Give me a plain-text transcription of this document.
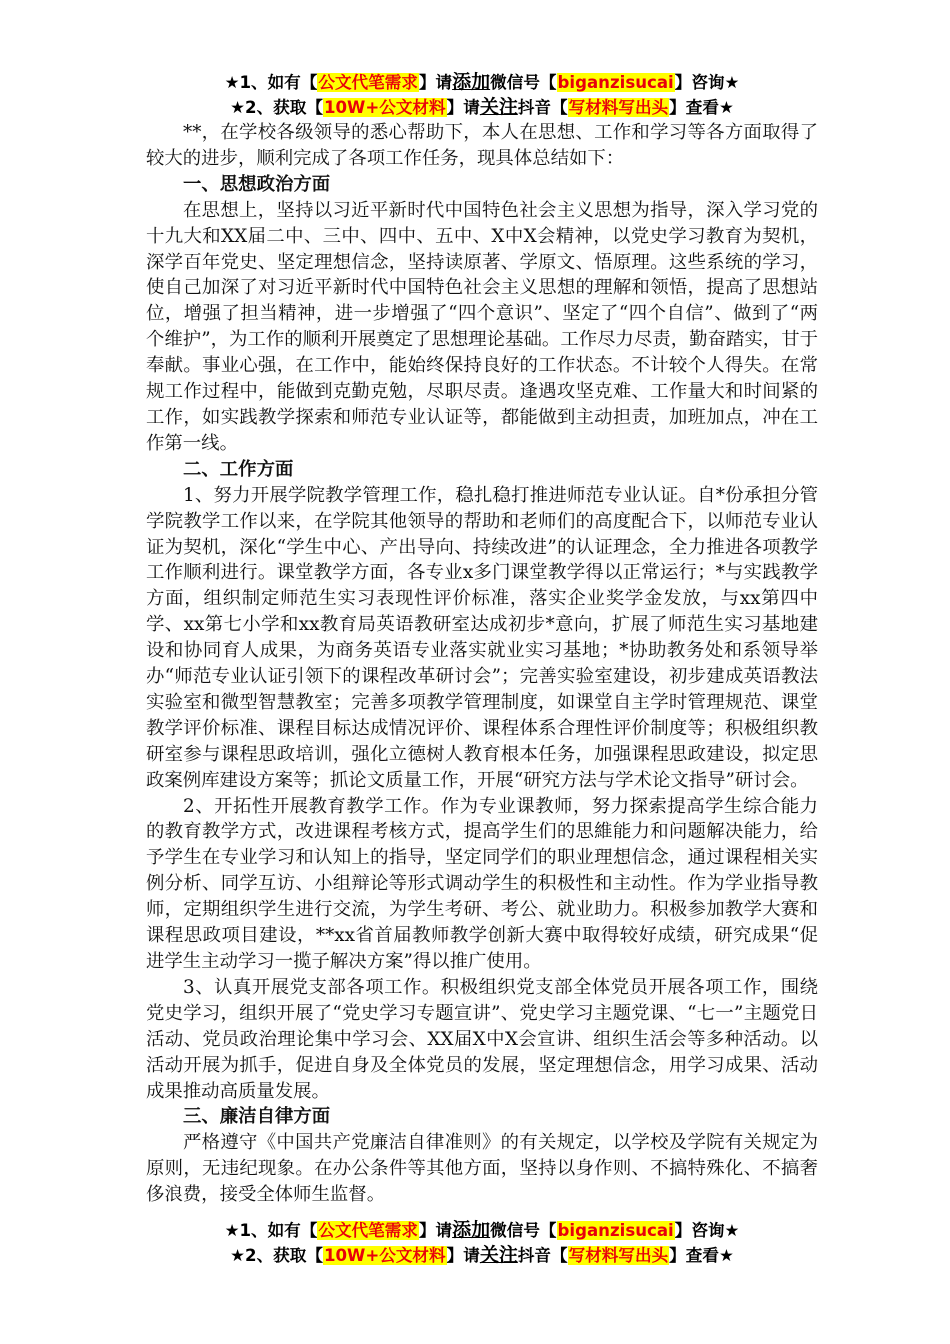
★1、如有【公文代笔需求】请添加微信号【biganzisucai】咨询★
★2、获取【10W+公文材料】请关注抖音【写材料写出头】查看★

**，在学校各级领导的悉心帮助下，本人在思想、工作和学习等各方面取得了较大的进步，顺利完成了各项工作任务，现具体总结如下：

一、思想政治方面

在思想上，坚持以习近平新时代中国特色社会主义思想为指导，深入学习党的十九大和XX届二中、三中、四中、五中、X中X会精神，以党史学习教育为契机，深学百年党史、坚定理想信念，坚持读原著、学原文、悟原理。这些系统的学习，使自己加深了对习近平新时代中国特色社会主义思想的理解和领悟，提高了思想站位，增强了担当精神，进一步增强了“四个意识”、坚定了“四个自信”、做到了“两个维护”，为工作的顺利开展奠定了思想理论基础。工作尽力尽责，勤奋踏实，甘于奉献。事业心强，在工作中，能始终保持良好的工作状态。不计较个人得失。在常规工作过程中，能做到克勤克勉，尽职尽责。逢遇攻坚克难、工作量大和时间紧的工作，如实践教学探索和师范专业认证等，都能做到主动担责，加班加点，冲在工作第一线。

二、工作方面

1、努力开展学院教学管理工作，稳扎稳打推进师范专业认证。自*份承担分管学院教学工作以来，在学院其他领导的帮助和老师们的高度配合下，以师范专业认证为契机，深化“学生中心、产出导向、持续改进”的认证理念，全力推进各项教学工作顺利进行。课堂教学方面，各专业x多门课堂教学得以正常运行；*与实践教学方面，组织制定师范生实习表现性评价标准，落实企业奖学金发放，与xx第四中学、xx第七小学和xx教育局英语教研室达成初步*意向，扩展了师范生实习基地建设和协同育人成果，为商务英语专业落实就业实习基地；*协助教务处和系领导举办“师范专业认证引领下的课程改革研讨会”；完善实验室建设，初步建成英语教法实验室和微型智慧教室；完善多项教学管理制度，如课堂自主学时管理规范、课堂教学评价标准、课程目标达成情况评价、课程体系合理性评价制度等；积极组织教研室参与课程思政培训，强化立德树人教育根本任务，加强课程思政建设，拟定思政案例库建设方案等；抓论文质量工作，开展“研究方法与学术论文指导”研讨会。

2、开拓性开展教育教学工作。作为专业课教师，努力探索提高学生综合能力的教育教学方式，改进课程考核方式，提高学生们的思維能力和问题解决能力，给予学生在专业学习和认知上的指导，坚定同学们的职业理想信念，通过课程相关实例分析、同学互访、小组辩论等形式调动学生的积极性和主动性。作为学业指导教师，定期组织学生进行交流，为学生考研、考公、就业助力。积极参加教学大赛和课程思政项目建设，**xx省首届教师教学创新大赛中取得较好成绩，研究成果“促进学生主动学习一揽子解决方案”得以推广使用。

3、认真开展党支部各项工作。积极组织党支部全体党员开展各项工作，围绕党史学习，组织开展了“党史学习专题宣讲”、党史学习主题党课、“七一”主题党日活动、党员政治理论集中学习会、XX届X中X会宣讲、组织生活会等多种活动。以活动开展为抓手，促进自身及全体党员的发展，坚定理想信念，用学习成果、活动成果推动高质量发展。

三、廉洁自律方面

严格遵守《中国共产党廉洁自律准则》的有关规定，以学校及学院有关规定为原则，无违纪现象。在办公条件等其他方面，坚持以身作则、不搞特殊化、不搞奢侈浪费，接受全体师生监督。

★1、如有【公文代笔需求】请添加微信号【biganzisucai】咨询★
★2、获取【10W+公文材料】请关注抖音【写材料写出头】查看★
